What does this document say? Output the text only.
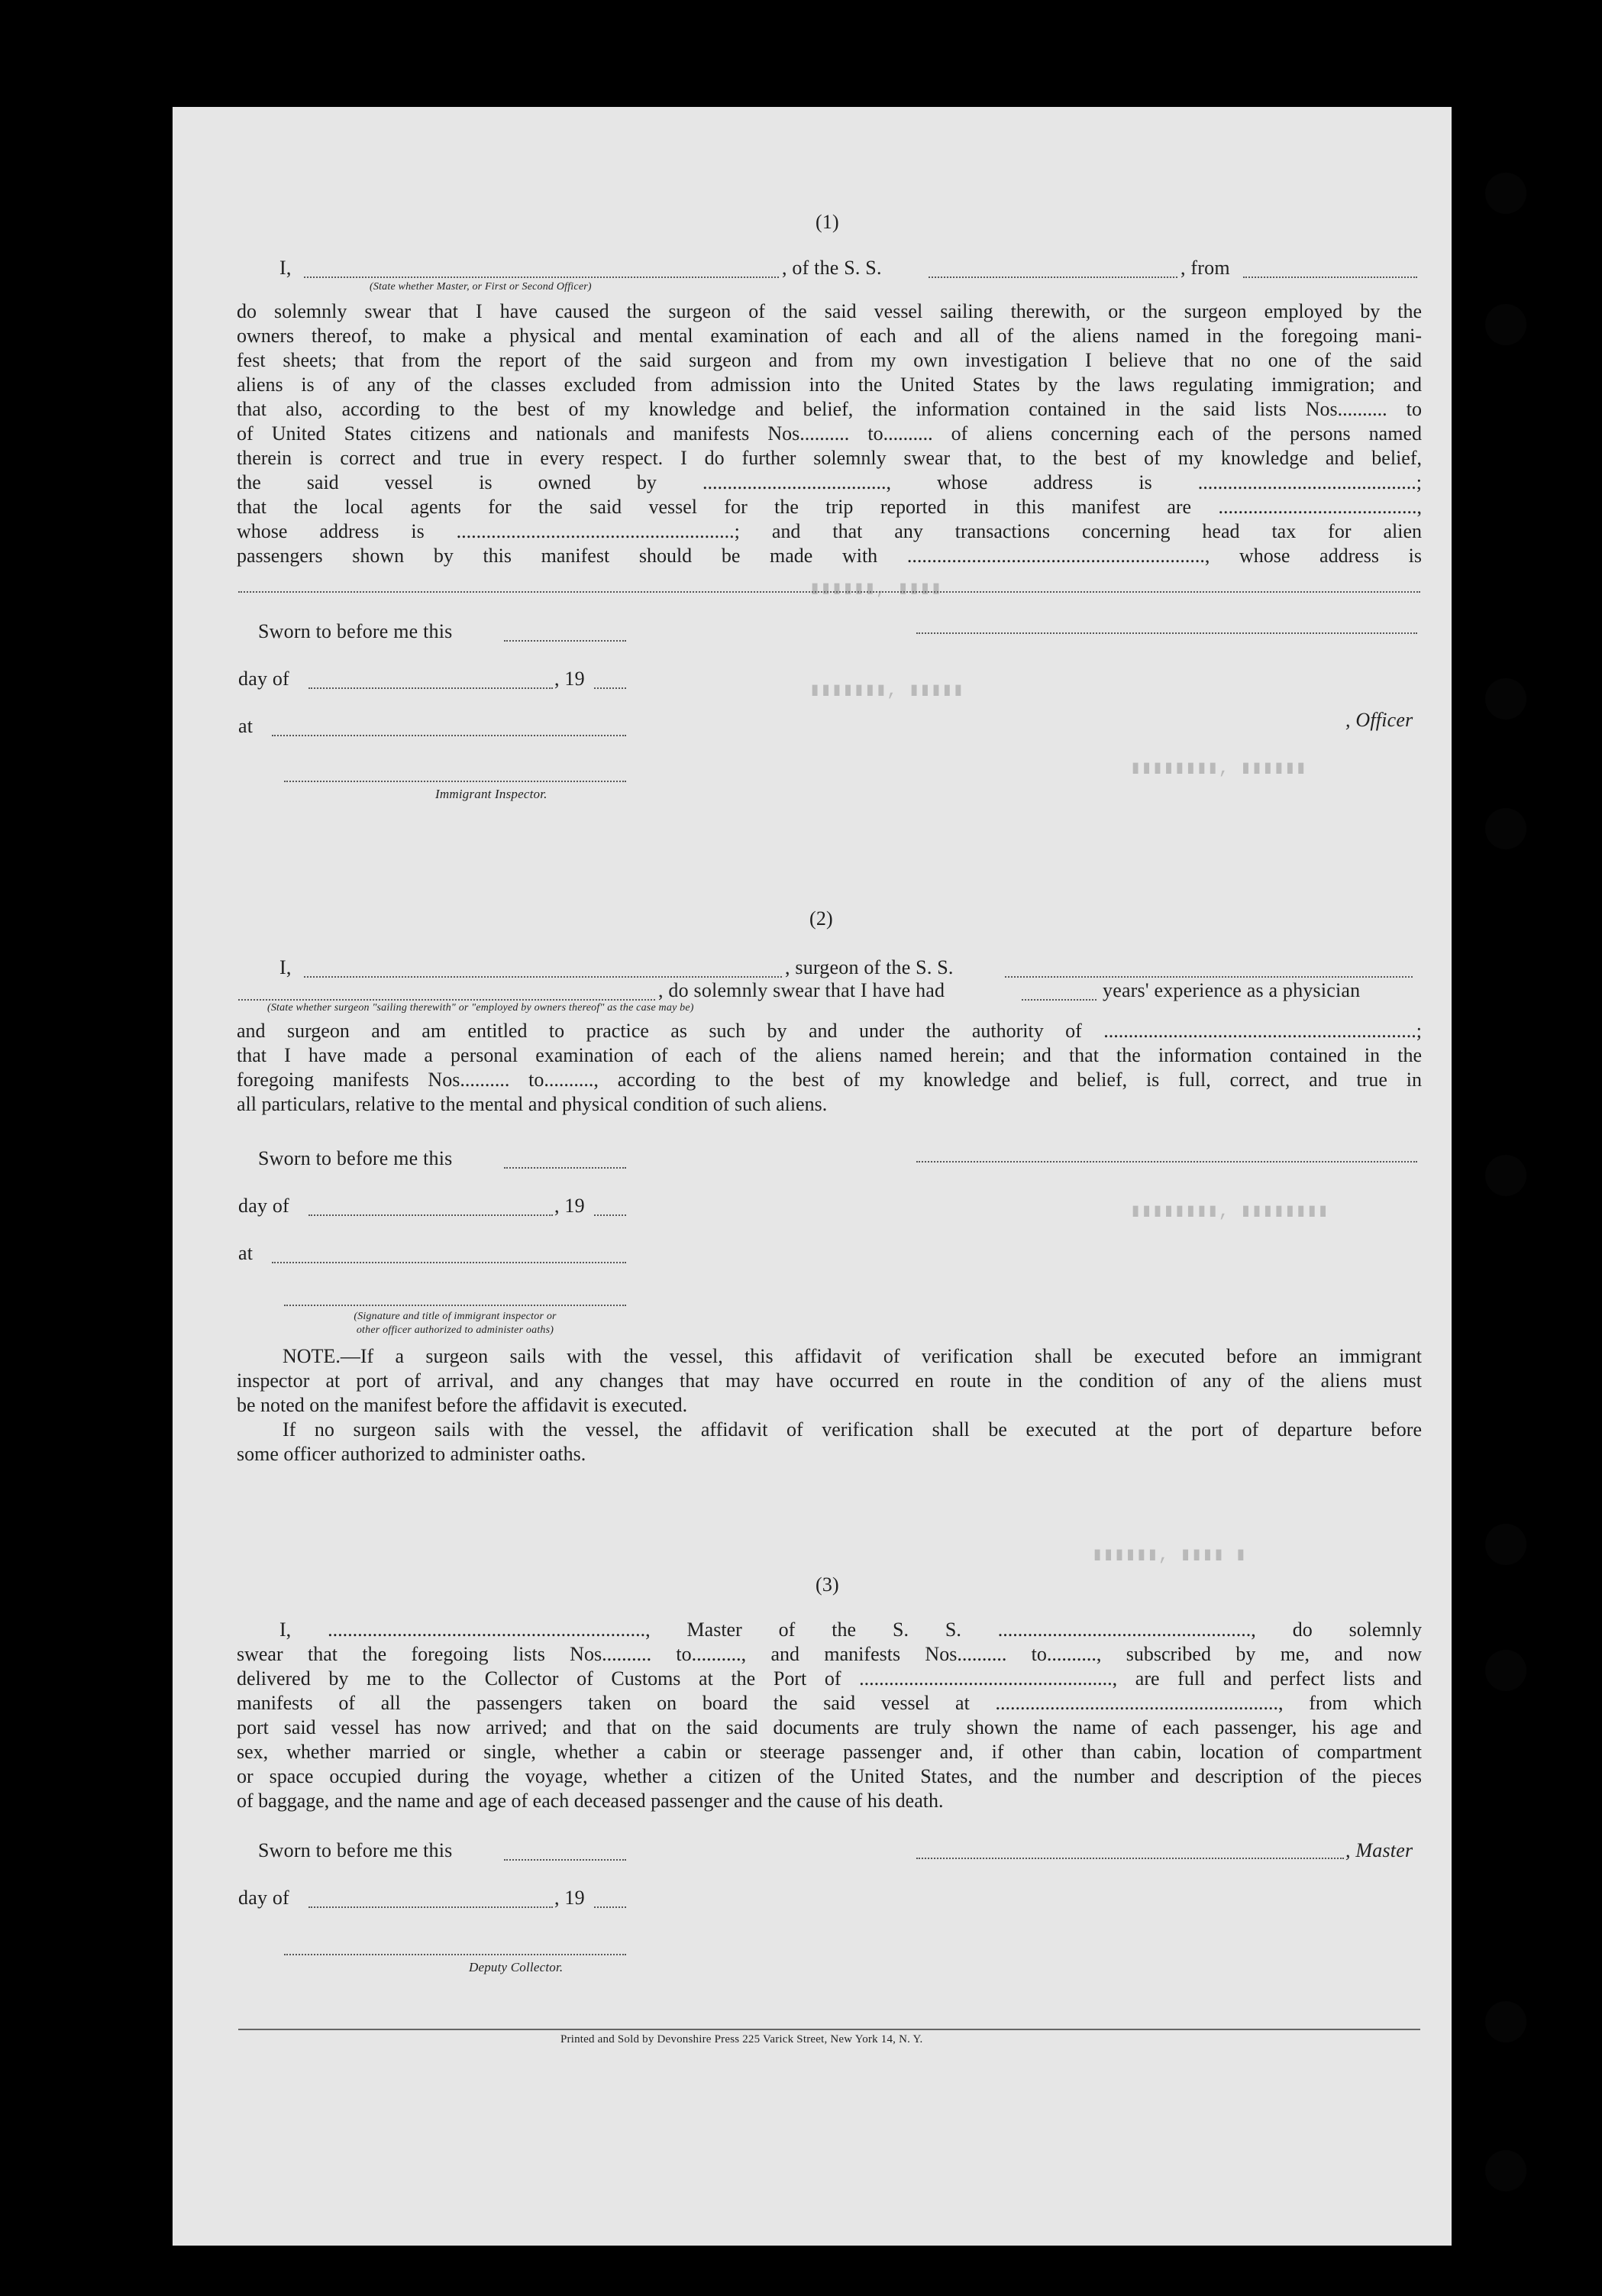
▮▮▮▮▮▮, ▮▮▮▮
▮▮▮▮▮▮▮, ▮▮▮▮▮
▮▮▮▮▮▮▮▮, ▮▮▮▮▮▮
▮▮▮▮▮▮▮▮, ▮▮▮▮▮▮▮▮
▮▮▮▮▮▮, ▮▮▮▮ ▮
(1)
I,	, of the S. S.	, from
(State whether Master, or First or Second Officer)
do solemnly swear that I have caused the surgeon of the said vessel sailing therewith, or the surgeon employed by the
owners thereof, to make a physical and mental examination of each and all of the aliens named in the foregoing mani-
fest sheets; that from the report of the said surgeon and from my own investigation I believe that no one of the said
aliens is of any of the classes excluded from admission into the United States by the laws regulating immigration; and
that also, according to the best of my knowledge and belief, the information contained in the said lists Nos.......... to
of United States citizens and nationals and manifests Nos.......... to.......... of aliens concerning each of the persons named
therein is correct and true in every respect. I do further solemnly swear that, to the best of my knowledge and belief,
the said vessel is owned by ....................................., whose address is ............................................;
that the local agents for the said vessel for the trip reported in this manifest are ........................................,
whose address is ........................................................; and that any transactions concerning head tax for alien
passengers shown by this manifest should be made with ............................................................, whose address is
Sworn to before me this
day of	, 19
at	, Officer
Immigrant Inspector.
(2)
I,	, surgeon of the S. S.
, do solemnly swear that I have had	years' experience as a physician
(State whether surgeon "sailing therewith" or "employed by owners thereof" as the case may be)
and surgeon and am entitled to practice as such by and under the authority of ...............................................................;
that I have made a personal examination of each of the aliens named herein; and that the information contained in the
foregoing manifests Nos.......... to.........., according to the best of my knowledge and belief, is full, correct, and true in
all particulars, relative to the mental and physical condition of such aliens.
Sworn to before me this
day of	, 19
at
(Signature and title of immigrant inspector or
other officer authorized to administer oaths)
NOTE.—If a surgeon sails with the vessel, this affidavit of verification shall be executed before an immigrant
inspector at port of arrival, and any changes that may have occurred en route in the condition of any of the aliens must
be noted on the manifest before the affidavit is executed.
If no surgeon sails with the vessel, the affidavit of verification shall be executed at the port of departure before
some officer authorized to administer oaths.
(3)
I, ................................................................, Master of the S. S. ..................................................., do solemnly
swear that the foregoing lists Nos.......... to.........., and manifests Nos.......... to.........., subscribed by me, and now
delivered by me to the Collector of Customs at the Port of ..................................................., are full and perfect lists and
manifests of all the passengers taken on board the said vessel at ........................................................., from which
port said vessel has now arrived; and that on the said documents are truly shown the name of each passenger, his age and
sex, whether married or single, whether a cabin or steerage passenger and, if other than cabin, location of compartment
or space occupied during the voyage, whether a citizen of the United States, and the number and description of the pieces
of baggage, and the name and age of each deceased passenger and the cause of his death.
Sworn to before me this	, Master
day of	, 19
Deputy Collector.
Printed and Sold by Devonshire Press 225 Varick Street, New York 14, N. Y.
